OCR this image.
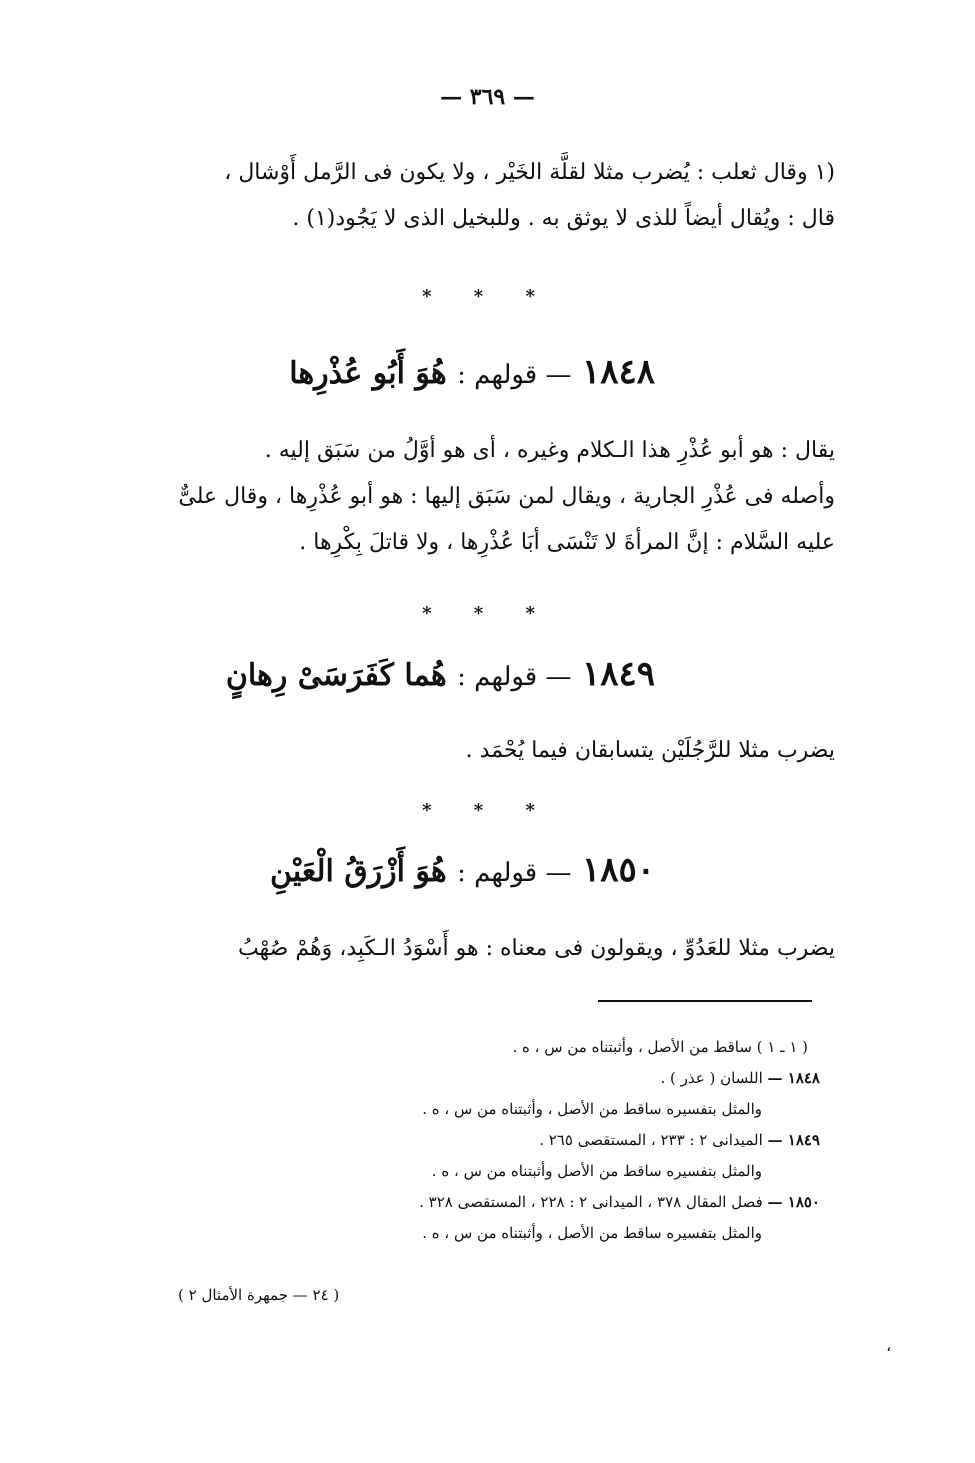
— ٣٦٩ —
(١ وقال ثعلب : يُضرب مثلا لقلَّة الخَيْر ، ولا يكون فى الرَّمل أَوْشال ،
قال : ويُقال أيضاً للذى لا يوثق به . وللبخيل الذى لا يَجُود(١) .
* * *
١٨٤٨ — قولهم : هُوَ أَبُو عُذْرِها
يقال : هو أبو عُذْرِ هذا الـكلام وغيره ، أى هو أوَّلُ من سَبَق إليه .
وأصله فى عُذْرِ الجارية ، ويقال لمن سَبَق إليها : هو أبو عُذْرِها ، وقال علىٌّ
عليه السَّلام : إنَّ المرأةَ لا تَنْسَى أبَا عُذْرِها ، ولا قاتلَ بِكْرِها .
* * *
١٨٤٩ — قولهم : هُما كَفَرَسَىْ رِهانٍ
يضرب مثلا للرَّجُلَيْن يتسابقان فيما يُحْمَد .
* * *
١٨٥٠ — قولهم : هُوَ أَزْرَقُ الْعَيْنِ
يضرب مثلا للعَدُوِّ ، ويقولون فى معناه : هو أَسْوَدُ الـكَبِد، وَهُمْ صُهْبُ
( ١ ـ ١ ) ساقط من الأصل ، وأثبتناه من س ، ه .
١٨٤٨ — اللسان ( عذر ) .
والمثل بتفسيره ساقط من الأصل ، وأثبتناه من س ، ه .
١٨٤٩ — الميدانى ٢ : ٢٣٣ ، المستقصى ٢٦٥ .
والمثل بتفسيره ساقط من الأصل وأثبتناه من س ، ه .
١٨٥٠ — فصل المقال ٣٧٨ ، الميدانى ٢ : ٢٢٨ ، المستقصى ٣٢٨ .
والمثل بتفسيره ساقط من الأصل ، وأثبتناه من س ، ه .
( ٢٤ — جمهرة الأمثال ٢ )
،
